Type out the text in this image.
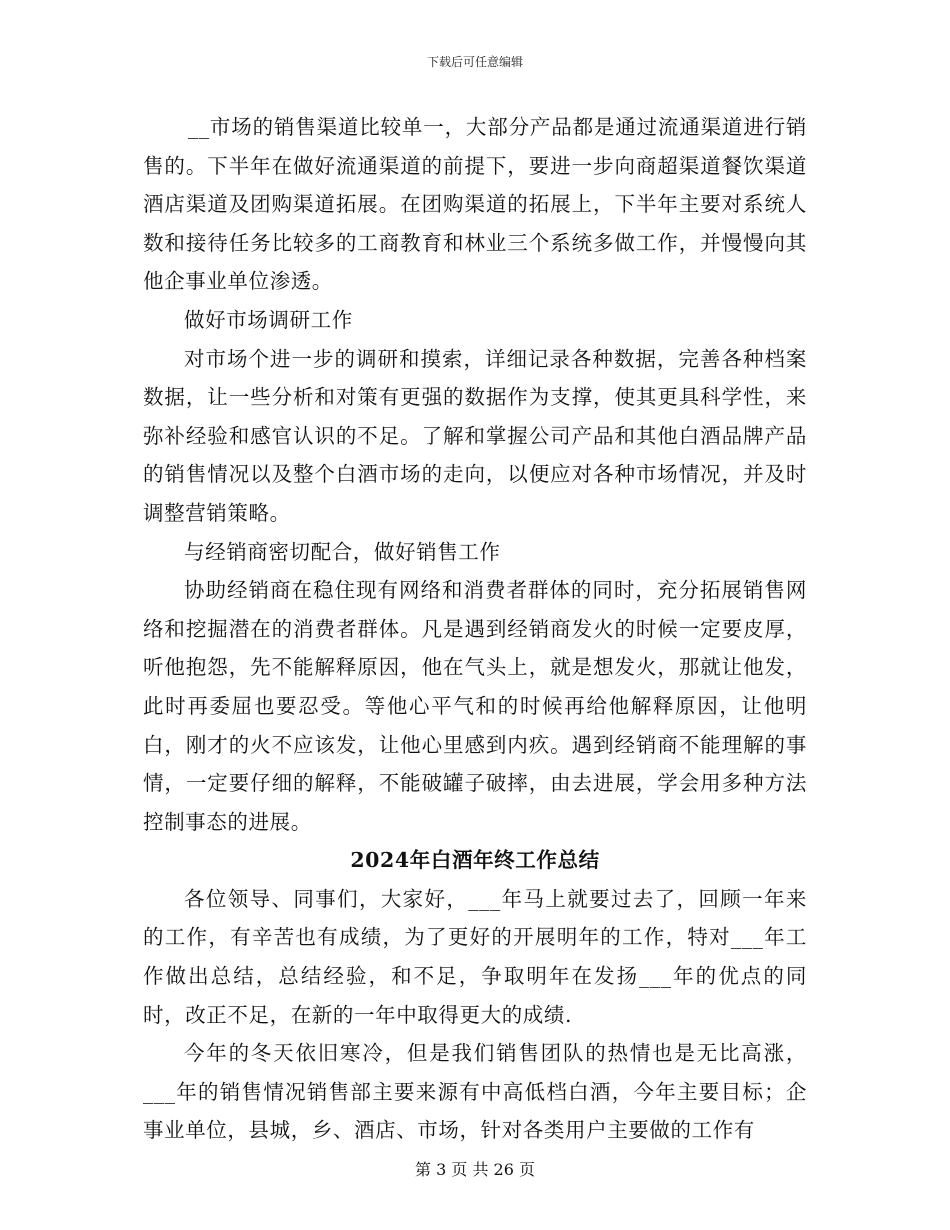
下载后可任意编辑

__市场的销售渠道比较单一，大部分产品都是通过流通渠道进行销售的。下半年在做好流通渠道的前提下，要进一步向商超渠道餐饮渠道酒店渠道及团购渠道拓展。在团购渠道的拓展上，下半年主要对系统人数和接待任务比较多的工商教育和林业三个系统多做工作，并慢慢向其他企事业单位渗透。

做好市场调研工作

对市场个进一步的调研和摸索，详细记录各种数据，完善各种档案数据，让一些分析和对策有更强的数据作为支撑，使其更具科学性，来弥补经验和感官认识的不足。了解和掌握公司产品和其他白酒品牌产品的销售情况以及整个白酒市场的走向，以便应对各种市场情况，并及时调整营销策略。

与经销商密切配合，做好销售工作

协助经销商在稳住现有网络和消费者群体的同时，充分拓展销售网络和挖掘潜在的消费者群体。凡是遇到经销商发火的时候一定要皮厚，听他抱怨，先不能解释原因，他在气头上，就是想发火，那就让他发，此时再委屈也要忍受。等他心平气和的时候再给他解释原因，让他明白，刚才的火不应该发，让他心里感到内疚。遇到经销商不能理解的事情，一定要仔细的解释，不能破罐子破摔，由去进展，学会用多种方法控制事态的进展。

2024年白酒年终工作总结

各位领导、同事们，大家好，___年马上就要过去了，回顾一年来的工作，有辛苦也有成绩，为了更好的开展明年的工作，特对___年工作做出总结，总结经验，和不足，争取明年在发扬___年的优点的同时，改正不足，在新的一年中取得更大的成绩.

今年的冬天依旧寒冷，但是我们销售团队的热情也是无比高涨，___年的销售情况销售部主要来源有中高低档白酒，今年主要目标；企事业单位，县城，乡、酒店、市场，针对各类用户主要做的工作有

第 3 页 共 26 页
